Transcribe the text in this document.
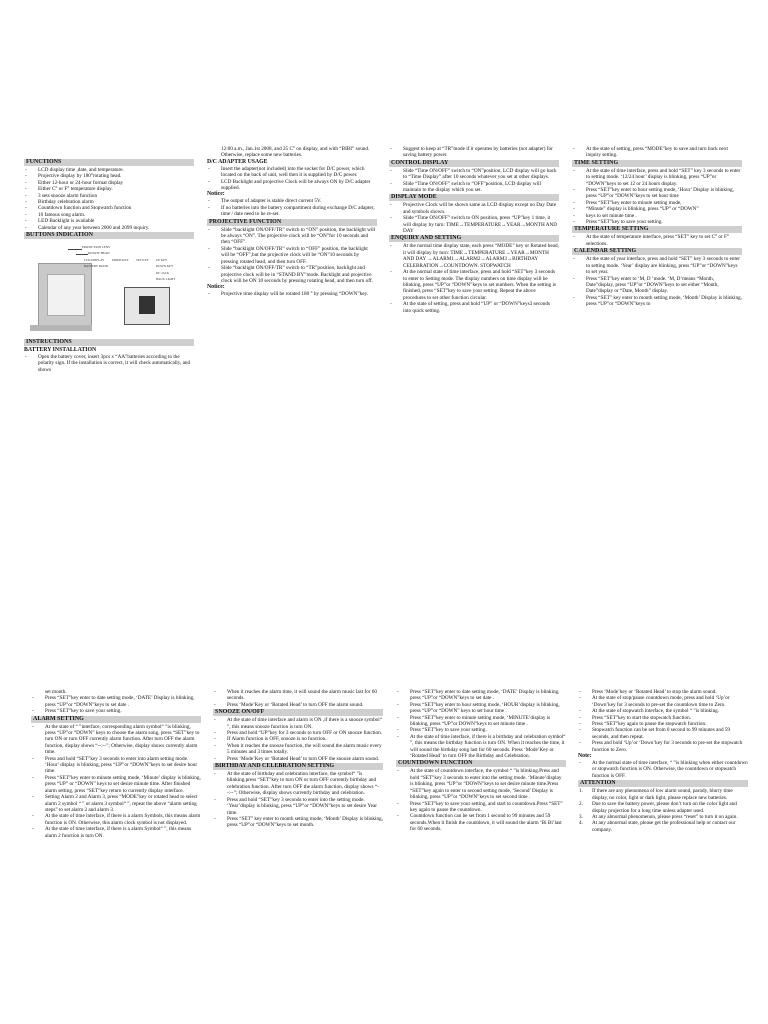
FUNCTIONS

- LCD display time ,date, and temperature.

- Projective display by 180°rotating head.

- Either 12-hour or 24-hour format display

- Either C° or F° temperature display.

- 3 sets snooze alarm function

- Birthday celebration alarm

- Countdown function and Stopwatch function

- 16 famous song alarm.

- LED Backlight is available

- Calendar of any year between 2000 and 2099 inquiry.

BUTTONS INDICATION
PROJECTION LENS
ROTATE HEAD
LCD DISPLAY MODE KEY SET KEY UP KEY
DOWN KEY
BATTERY DOOR
BACK LIGHT
DC JACK
INSTRUCTIONS
BATTERY INSTALLATION

- Open the battery cover, insert 3pcs x “AA”batteries according to the polarity sign. If the installation is correct, it will check automatically, and shows

12:00 a.m., Jan.1st 2008, and 25 C° on display, and with “BIBI” sound. Otherwise, replace some new batteries.

D/C ADAPTER USAGE

- Insert the adapter(not included) into the socket for D/C power, which located on the back of unit, well then it is supplied by D/C power.

- LCD Backlight and projective Clock will be always ON by D/C adapter supplied.

Notice:

- The output of adapter is stable direct current 5V.

- If no batteries into the battery compartment during exchange D/C adapter, time / date need to be re-set.

PROJECTIVE FUNCTION

- Slide “backlight ON/OFF/TR” switch to “ON” position, the backlight will be always “ON”. The projective clock will be “ON”for 10 seconds and then “OFF”.

- Slide “backlight ON/OFF/TR” switch to “OFF” position, the backlight will be “OFF”,but the projective clock will be “ON”10 seconds by pressing rotated head, and then turn OFF.

- Slide “backlight ON/OFF/TR” switch to “TR”position, backlight and projective clock will be in “STAND BY”mode. Backlight and projective clock will be ON 10 seconds by pressing rotating head, and then turn off.

Notice:

- Projective time display will be rotated 180 ° by pressing “DOWN”key.

- Suggest to keep at “TR”mode if it operates by batteries (not adapter) for saving battery power.

CONTROL DISPLAY

- Slide “Time ON/OFF” switch to “ON”position, LCD display will go back to “Time Display” after 10 seconds whatever you set at other displays.

- Slide “Time ON/OFF” switch to “OFF”position, LCD display will maintain to the display which you set.

DISPLAY MODE

- Projective Clock will be shown same as LCD display except no Day Date and symbols shown.

- Slide “Time ON/OFF” switch to ON position, press “UP”key 1 time, it will display by turn: TIME→TEMPERATURE→YEAR→MONTH AND DAY

ENQUIRY AND SETTING

- At the normal time display state, each press “MODE” key or Rotated head, it will display by turn: TIME→TEMPERATURE→YEAR→MONTH AND DAY →ALARM1→ALARM2→ALARM3→BIRTHDAY CELEBRATION→COUNTDOWN. STOPWATCH

- At the normal state of time interface, press and hold “SET”key 3 seconds to enter to Setting mode. The display numbers on time display will be blinking, press “UP”or “DOWN”keys to set numbers. When the setting is finished, press “SET”key to save your setting. Repeat the above procedures to set other function circular.

- At the state of setting, press and hold “UP” or “DOWN”keys3 seconds into quick setting.

- At the state of setting, press “MODE”key to save and turn back next inquiry setting.

TIME SETTING

- At the state of time interface, press and hold “SET” key 3 seconds to enter to setting mode. ‘12/24 hour’ display is blinking, press “UP”or “DOWN”keys to set 12 or 24 hours display.

- Press “SET”key enter to hour setting mode, ‘Hour’ Display is blinking, press “UP”or “DOWN”keys to set hour time

- Press “SET”key enter to minute setting mode,

- “Minute” display is blinking, press “UP” or “DOWN”

- keys to set minute time .

- Press “SET”key to save your setting.

TEMPERATURE SETTING

- At the state of temperature interface, press “SET” key to set C° or F° selections.

CALENDAR SETTING

- At the state of year interface, press and hold “SET” key 3 seconds to enter to setting mode. ‘Year’ display are blinking, press “UP”or “DOWN”keys to set year.

- Press “SET”key enter to ‘M, D ’mode. ‘M, D’means “Month, Date”display, press “UP”or “DOWN”keys to set either “Month, Date”display or “Date, Month” display.

- Press “SET” key enter to month setting mode, ‘Month’ Display is blinking, press “UP”or “DOWN”keys to

set month.

- Press “SET”key enter to date setting mode, ‘DATE’ Display is blinking, press “UP”or “DOWN”keys to set date .

- Press “SET”key to save your setting.

ALARM SETTING

- At the state of “ ”interface, corresponding alarm symbol“ ”is blinking, press “UP”or “DOWN” keys to choose the alarm song, press “SET”key to turn ON or turn OFF currently alarm function. After turn OFF the alarm function, display shows “--:--”; Otherwise, display shows currently alarm time.

- Press and hold “SET”key 3 seconds to enter into alarm setting mode. ‘Hour’ display is blinking, press “UP”or “DOWN”keys to set desire hour time.

- Press “SET”key enter to minute setting mode, ‘Minute’ display is blinking, press “UP” or “DOWN” keys to set desire minute time. After finished alarm setting, press “SET”key return to currently display interface.

- Setting Alarm 2 and Alarm 3, press “MODE”key or rotated head to select alarm 2 symbol “ ” or alarm 3 symbol“ ”, repeat the above “alarm setting steps” to set alarm 2 and alarm 3.

- At the state of time interface, if there is a alarm Symbols, this means alarm function is ON. Otherwise, this alarm clock symbol is not displayed.

- At the state of time interface, if there is a alarm Symbol“ ”, this means alarm 2 function is turn ON.

- When it reaches the alarm time, it will sound the alarm music last for 60 seconds.

- Press ‘Mode’Key or ‘Rotated Head’ to turn OFF the alarm sound.

SNOOZE ON/OFF

- At the state of time interface and alarm is ON ,if there is a snooze symbol“ ”, this means snooze function is turn ON.

- Press and hold “UP”key for 3 seconds to turn OFF or ON snooze function.

- If Alarm function is OFF, snooze is no function.

- When it reaches the snooze function, the will sound the alarm music every 5 minutes and 3 times totally.

- Press ‘Mode’Key or ‘Rotated Head’ to turn OFF the snooze alarm sound.

BIRTHDAY AND CELEBRATION SETTING

- At the state of birthday and celebration interface, the symbol“ ”is blinking.press “SET”key to turn ON or turn OFF currently birthday and celebration function. After turn OFF the alarm function, display shows “--:--”; Otherwise, display shows currently birthday and celebration.

- Press and hold “SET”key 3 seconds to enter into the setting mode. ‘Year’display is blinking, press “UP”or “DOWN”keys to set desire Year time.

- Press “SET” key enter to month setting mode, ‘Month’ Display is blinking, press “UP”or “DOWN”keys to set month.

- Press “SET”key enter to date setting mode, ‘DATE’ Display is blinking, press “UP”or “DOWN”keys to set date .

- Press “SET”key enter to hour setting mode, ‘HOUR’display is blinking, press “UP”or “DOWN” keys to set hour time .

- Press “SET”key enter to minute setting mode, ‘MINUTE’display is blinking, press “UP”or DOWN”keys to set minute time .

- Press “SET”key to save your setting.

- At the state of time interface, if there is a birthday and celebration symbol“ ”, this means the birthday function is turn ON. When it reaches the time, it will sound the birthday song last for 60 seconds. Press ‘Mode’Key or ‘Rotated Head’ to turn OFF the Birthday and Celebration.

COUNTDOWN FUNCTION

- At the state of countdown interface, the symbol “ ”is blinking.Press and hold “SET”key 3 seconds to enter into the setting mode. ‘Minute’display is blinking, press “UP”or “DOWN”keys to set desire minute time.Press “SET”key again to enter to second setting mode, ‘Second’ Display is blinking, press “UP”or “DOWN”keys to set second time .

- Press “SET”key to save your setting, and start to countdown.Press “SET” key again to pause the countdown.

- Countdown function can be set from 1 second to 99 minutes and 59 seconds.When it finish the countdown, it will sound the alarm ‘Bi Bi’last for 60 seconds.

- Press ‘Mode’key or ‘Rotated Head’ to stop the alarm sound.

- At the state of stop/pause countdown mode, press and hold ‘Up’or ‘Down’key for 3 seconds to pre-set the countdown time to Zero.

- At the state of stopwatch interface, the symbol “ ”is blinking.

- Press “SET”key to start the stopwatch function.

- Press “SET”key again to pause the stopwatch function.

- Stopwatch function can be set from 0 second to 99 minutes and 59 seconds, and then repeat.

- Press and hold ‘Up’or ‘Down’key for 3 seconds to pre-set the stopwatch function to Zero.

Note:

- At the normal state of time interface, “ ”is blinking when either countdown or stopwatch function is ON. Otherwise, the countdown or stopwatch function is OFF.

ATTENTION

1. If there are any phenomena of low alarm sound, parody, blurry time display, no color, light or dark light, please replace new batteries.

2. Due to save the battery power, please don’t turn on the color light and display projection for a long time unless adapter used.

3. At any abnormal phenomenon, please press “reset” to turn it on again.

4. At any abnormal state, please get the professional help or contact our company.
